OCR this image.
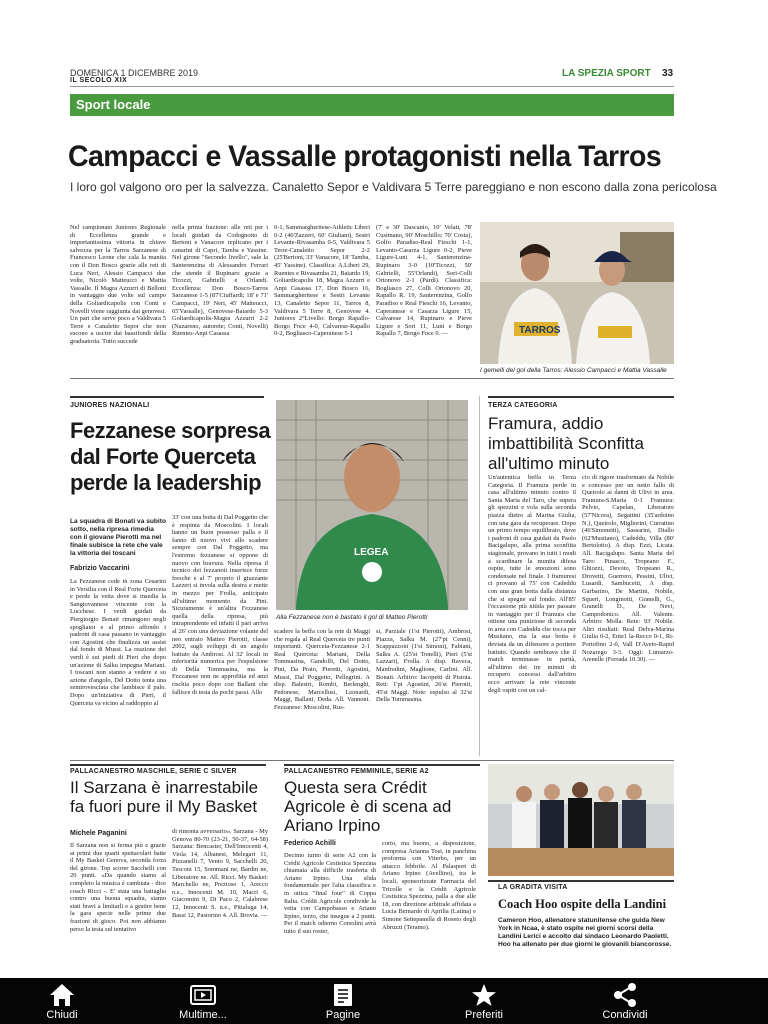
DOMENICA 1 DICEMBRE 2019
IL SECOLO XIX
LA SPEZIA SPORT 33
Sport locale
Campacci e Vassalle protagonisti nella Tarros
I loro gol valgono oro per la salvezza. Canaletto Sepor e Valdivara 5 Terre pareggiano e non escono dalla zona pericolosa
Nel campionato Juniores Regionale di Eccellenza grande e importantissima vittoria in chiave salvezza per la Tarros Sarzanese di Francesco Leone che cala la manita con il Don Bosco grazie alle reti di Luca Neri, Alessio Campacci due volte, Nicolò Matteucci e Mattia Vassalle. Il Magra Azzurri di Belloni in vantaggio due volte sul campo della Goliardicapolis con Conti e Novelli viene raggiunta dai genovesi. Un pari che serve poco a Valdivara 5 Terre e Canaletto Sepor che non escono a uscire dai bassifondi della graduatoria. Tutto succede
nella prima frazione: alle reti per i locali guidati da Codognotto di Bertoni e Vanacore replicano per i canarini di Capri, Tamba e Yassine. Nel girone "Secondo livello", sale la Santerenzina di Alessandro Ferrari che stende il Rupinaro grazie a Ticozzi, Gabrielli e Orlandi. Eccellenza: Don Bosco-Tarros Sarzanese 1-5 (87'Ciuffardi; 18' e 71' Campacci, 19' Neri, 45' Matteucci, 65'Vassalle), Genovese-Baiardo 5-3 Goliardicapolis-Magra Azzurri 2-2 (Nazareno, autorete; Conti, Novelli) Ruentes-Anpi Casassa
0-1, Sammargheritese-Athletic Liberi 0-2 (40'Zazzeri, 60' Giuliani), Sestri Levante-Rivasamba 0-5, Valdivara 5 Terre-Canaletto Sepor 2-2 (25'Bertoni, 33' Vanacore, 18' Tamba, 45' Yassine). Classifica: A.Liberi 29, Ruentes e Rivasamba 21, Baiardo 19, Goliardicapolis 18, Magra Azzurri e Anpi Casassa 17, Don Bosco 16, Sammargheritese e Sestri Levante 13, Canaletto Sepor 11, Tarros 8, Valdivara 5 Terre 8, Genovese 4. Juniores 2°Livello: Borgo Rapallo-Borgo Foce 4-0, Calvarese-Rapallo 0-2, Bogliasco-Caperanese 5-1
(7' e 30' Dascanio, 10' Velati, 78' Cusimano, 90' Moschillo; 70' Costa), Golfo Paradiso-Real Fieschi 1-1, Levanto-Casarza Ligure 0-2, Pieve Ligure-Luni 4-1, Santerenzina-Rupinaro 3-0 (10'Ticozzi, 50' Gabrielli, 55'Orlandi), Sori-Colli Ortonovo 2-1 (Pardi). Classifica: Bogliasco 27, Colli Ortonovo 20, Rapallo R. 19, Santerenzina, Golfo Paradiso e Real Fieschi 16, Levanto, Caperanese e Casarza Ligure 15, Calvarese 14, Rupinaro e Pieve Ligure e Sori 11, Luni e Borgo Rapallo 7, Borgo Foce 0. —	TARROS
I gemelli del gol della Tarros: Alessio Campacci e Mattia Vassalle
JUNIORES NAZIONALI
Fezzanese sorpresa dal Forte Querceta perde la leadership
La squadra di Bonati va subito sotto, nella ripresa rimedia con il giovane Pierotti ma nel finale subisce la rete che vale la vittoria dei toscani
Fabrizio Vaccarini
La Fezzanese cede in zona Cesarini in Versilia con il Real Forte Querceta e perde la vetta dove si insedia la Sangiovannese vincente con la Lucchese. I verdi guidati da Piergiorgio Bonati rimangono negli spogliatoi e al primo affondo i padroni di casa passano in vantaggio con Agostini che finalizza un assist dal fondo di Mussi. La reazione dei verdi è sui piedi di Pieri che dopo un'azione di Salku impegna Mariani. I toscani non stanno a vedere e su azione d'angolo, Del Dotto tenta una semirovesciata che lambisce il palo. Dopo un'iniziativa di Pieri, il Querceta va vicino al raddoppio al
33' con una botta di Dal Poggetto che è respinta da Moscolini. I locali hanno un buon possesso palla e il fanno di nuovo vivi allo scadere sempre con Dal Poggetto, ma l'estremo fezzanese si oppone di nuovo con bravura. Nella ripresa il tecnico dei fezzanoti inserisce forze fresche e al 7' proprio il giuzzante Lazzeri si invola sulla destra e mette in mezzo per Frolla, anticipato all'ultimo momento da Pini. Sicuramente è un'altra Fezzanese quella della ripresa, più intraprendente ed infatti il pari arriva al 26' con una deviazione volante del neo entrato Matteo Pierotti, classe 2002, sugli sviluppi di un angolo battuto da Ambrosi. Al 32' locali in inferiorità numerica per l'espulsione di Della Tommasina, ma la Fezzanese non ne approfitta ed anzi rischia poco dopo con Ballani che fallisce di testa da pochi passi. Allo
LEGEA
Alla Fezzanese non è bastato il gol di Matteo Pierotti
scadere la beffa con la rete di Maggi che regala al Real Querceta tre punti importanti. Querceta-Fezzanese 2-1 Real Querceta: Mariani, Della Tommasina, Gandolfi, Del Dotto, Pini, Da Prato, Pieretti, Agostini, Mussi, Dal Poggetto, Pellegrini. A disp. Balestri, Rombi, Berlenghi, Pedonese, Marcellusi, Leonardi, Maggi, Ballani, Deda. All. Vannoni. Fezzanese: Moscolini, Rus-
si, Parziale (1'st Pierotti), Ambrosi, Piazza, Salku M. (27'pt Cenni), Scappazzoni (1'st Simoni), Fabiani, Salku A. (25'st Tonelli), Pieri (5'st Lazzari), Frolla. A disp. Raveca, Manfredini, Maglione, Carlini. All. Bonati. Arbitro: Iacopetti di Pistoia. Reti: 1'pt Agostini, 26'st Pierotti, 45'st Maggi. Note: espulso al 32'st Della Tommasina.
TERZA CATEGORIA
Framura, addio imbattibilità Sconfitta all'ultimo minuto
Un'autentica beffa in Terza Categoria. Il Framura perde in casa all'ultimo minuto contro il Santa Maria del Taro, che supera gli spezzini e vola sulla seconda piazza dietro al Marina Giulia, con una gara da recuperare. Dopo un primo tempo equilibrato, dove i padroni di casa guidati da Paolo Bacigalupo, alla prima sconfitta stagionale, provano in tutti i modi a scardinare la munita difesa ospite, tutte le emozioni sono condensate nel finale. I framuresi ci provano al 75' con Cadeddu con una gran botta dalla distanza che si spegne sul fondo. All'85' l'occasione più nitida per passare in vantaggio per il Framura che ottiene una punizione di seconda in area con Cadeddu che tocca per Musitano, ma la sua botta è deviata da un difensore a portiere battuto. Quando sembrava che il match terminasse in parità, all'ultimo dei tre minuti di recupero concessi dall'arbitro ecco arrivare la rete vincente degli ospiti con un cal-
cio di rigore trasformato da Nobile e concesso per un netto fallo di Queirolo ai danni di Ulivi in area. Framura-S.Maria 0-1 Framura: Pelvio, Capelan, Liberatore (57'Nicora), Segattini (35'ardoino N.), Queirolo, Migliorini, Curratino (46'Simonetti), Sassarini, Diallo (62'Musitano), Cadeddu, Villa (80' Bertolotto). A disp. Ezzi, Licata. All. Bacigalupo. Santa Maria del Taro: Pinasco, Tropeano F., Ghiozzi, Devoto, Tropeano R., Drovetti, Guerrero, Pessini, Ulivi, Lusardi, Sambucetti, A disp. Garbarino, De Martini, Nobile, Squeri, Longinotti, Granelli, G., Granelli D., De Nevi, Campodonico. All. Valente. Arbitro: Molla. Rete: 93' Nobile. Altri risultati: Real Delva-Marina Giulia 0-2, Ente1 la-Recco 0-1, Ri-Portofino 2-0, Vall D'Aveto-Rapid Nozarego 3-3. Oggi: Lumarzo-Arenelle (Ferrada 10.30). —
PALLACANESTRO MASCHILE, SERIE C SILVER
Il Sarzana è inarrestabile fa fuori pure il My Basket
Michele Paganini
Il Sarzana non si ferma più e grazie ai primi due quarti spettacolari batte il My Basket Genova, seconda forza del girone. Top scorer Sacchelli con 20 punti. «Da quando siamo al completo la musica è cambiata - dice coach Ricci -. E' stata una battaglia contro una buona squadra, siamo stati bravi a limitarli e a gestire bene la gara specie nelle prime due frazioni di gioco. Poi non abbiamo perso la testa sul tentativo
di rimonta avversario». Sarzana - My Genova 80-70 (23-21, 50-37, 64-58) Sarzana: Bencaster, Dell'Innocenti 4, Viola 14, Albanesi, Melegari 11, Pizzanelli 7, Vento 9, Sacchelli 20, Tesconi 15, Sommani ne, Bardin ne, Liberatore ne. All. Ricci. My Basket: Marchello ne, Prezioso 1, Arecco n.e., Innocenti M. 10, Macri 6, Giacomini 9, Di Paco 2, Calabrese 12, Innocenti S. n.e., Pittaluga 14, Bassi 12, Pastorino 4. All. Brovia. —
PALLACANESTRO FEMMINILE, SERIE A2
Questa sera Crédit Agricole è di scena ad Ariano Irpino
Federico Achilli
Decimo turno di serie A2 con la Crédit Agricole Cestistica Spezzina chiamata alla difficile trasferta di Ariano Irpino. Una sfida fondamentale per l'alta classifica e in ottica "final four" di Coppa Italia. Crédit Agricole condivide la vetta con Campobasso e Ariano Irpino, terzo, che insegue a 2 punti. Per il match odierno Corsolini avrà tutto il suo roster,
corto, ma buono, a disposizione, compresa Arianna Tosi, in panchina proforma con Viterbo, per un attacco febbrile. Al Palasport di Ariano Irpino (Avellino), tra le locali, sponsorizzate Farmacia del Tricolle e la Crédit Agricole Cestistica Spezzina, palla a due alle 18, con direzione arbitrale affidata a Lucia Bernardo di Aprilia (Latina) e Simone Settepanella di Roseto degli Abruzzi (Teramo).
LA GRADITA VISITA
Coach Hoo ospite della Landini
Cameron Hoo, allenatore statunitense che guida New York in Ncaa, è stato ospite nei giorni scorsi della Landini Lerici e accolto dal sindaco Leonardo Paoletti. Hoo ha allenato per due giorni le giovanili biancorosse.
Chiudi	Multime...	Pagine	Preferiti	Condividi
